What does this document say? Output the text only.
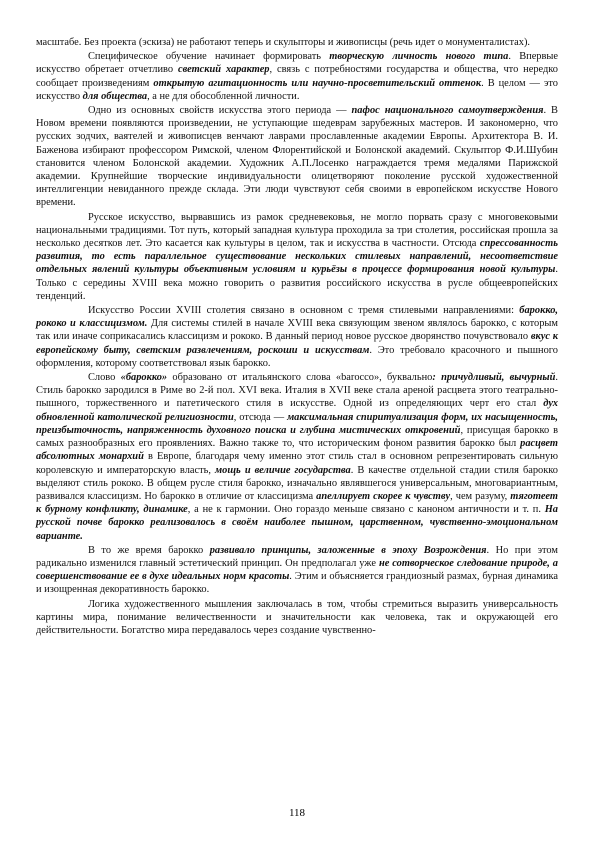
масштабе. Без проекта (эскиза) не работают теперь и скульпторы и живописцы (речь идет о монументалистах).

Специфическое обучение начинает формировать творческую личность нового типа. Впервые искусство обретает отчетливо светский характер, связь с потребностями государства и общества, что нередко сообщает произведениям открытую агитационность или научно-просветительский оттенок. В целом — это искусство для общества, а не для обособленной личности.

Одно из основных свойств искусства этого периода — пафос национального самоутверждения. В Новом времени появляются произведении, не уступающие шедеврам зарубежных мастеров. И закономерно, что русских зодчих, ваятелей и живописцев венчают лаврами прославленные академии Европы. Архитектора В. И. Баженова избирают профессором Римской, членом Флорентийской и Болонской академий. Скульптор Ф.И.Шубин становится членом Болонской академии. Художник А.П.Лосенко награждается тремя медалями Парижской академии. Крупнейшие творческие индивидуальности олицетворяют поколение русской художественной интеллигенции невиданного прежде склада. Эти люди чувствуют себя своими в европейском искусстве Нового времени.

Русское искусство, вырвавшись из рамок средневековья, не могло порвать сразу с многовековыми национальными традициями. Тот путь, который западная культура проходила за три столетия, российская прошла за несколько десятков лет. Это касается как культуры в целом, так и искусства в частности. Отсюда спрессованность развития, то есть параллельное существование нескольких стилевых направлений, несоответствие отдельных явлений культуры объективным условиям и курьёзы в процессе формирования новой культуры. Только с середины XVIII века можно говорить о развития российского искусства в русле общеевропейских тенденций.

Искусство России XVIII столетия связано в основном с тремя стилевыми направлениями: барокко, рококо и классицизмом. Для системы стилей в начале XVIII века связующим звеном являлось барокко, с которым так или иначе соприкасались классицизм и рококо. В данный период новое русское дворянство почувствовало вкус к европейскому быту, светским развлечениям, роскоши и искусствам. Это требовало красочного и пышного оформления, которому соответствовал язык барокко.

Слово «барокко» образовано от итальянского слова «barocco», буквально: причудливый, вычурный. Стиль барокко зародился в Риме во 2-й пол. XVI века. Италия в XVII веке стала ареной расцвета этого театрально-пышного, торжественного и патетического стиля в искусстве. Одной из определяющих черт его стал дух обновленной католической религиозности, отсюда — максимальная спиритуализация форм, их насыщенность, преизбыточность, напряженность духовного поиска и глубина мистических откровений, присущая барокко в самых разнообразных его проявлениях. Важно также то, что историческим фоном развития барокко был расцвет абсолютных монархий в Европе, благодаря чему именно этот стиль стал в основном репрезентировать сильную королевскую и императорскую власть, мощь и величие государства. В качестве отдельной стадии стиля барокко выделяют стиль рококо. В общем русле стиля барокко, изначально являвшегося универсальным, многовариантным, развивался классицизм. Но барокко в отличие от классицизма апеллирует скорее к чувству, чем разуму, тяготеет к бурному конфликту, динамике, а не к гармонии. Оно гораздо меньше связано с каноном античности и т. п. На русской почве барокко реализовалось в своём наиболее пышном, царственном, чувственно-эмоциональном варианте.

В то же время барокко развивало принципы, заложенные в эпоху Возрождения. Но при этом радикально изменился главный эстетический принцип. Он предполагал уже не сотворческое следование природе, а совершенствование ее в духе идеальных норм красоты. Этим и объясняется грандиозный размах, бурная динамика и изощренная декоративность барокко.

Логика художественного мышления заключалась в том, чтобы стремиться выразить универсальность картины мира, понимание величественности и значительности как человека, так и окружающей его действительности. Богатство мира передавалось через создание чувственно-

118
